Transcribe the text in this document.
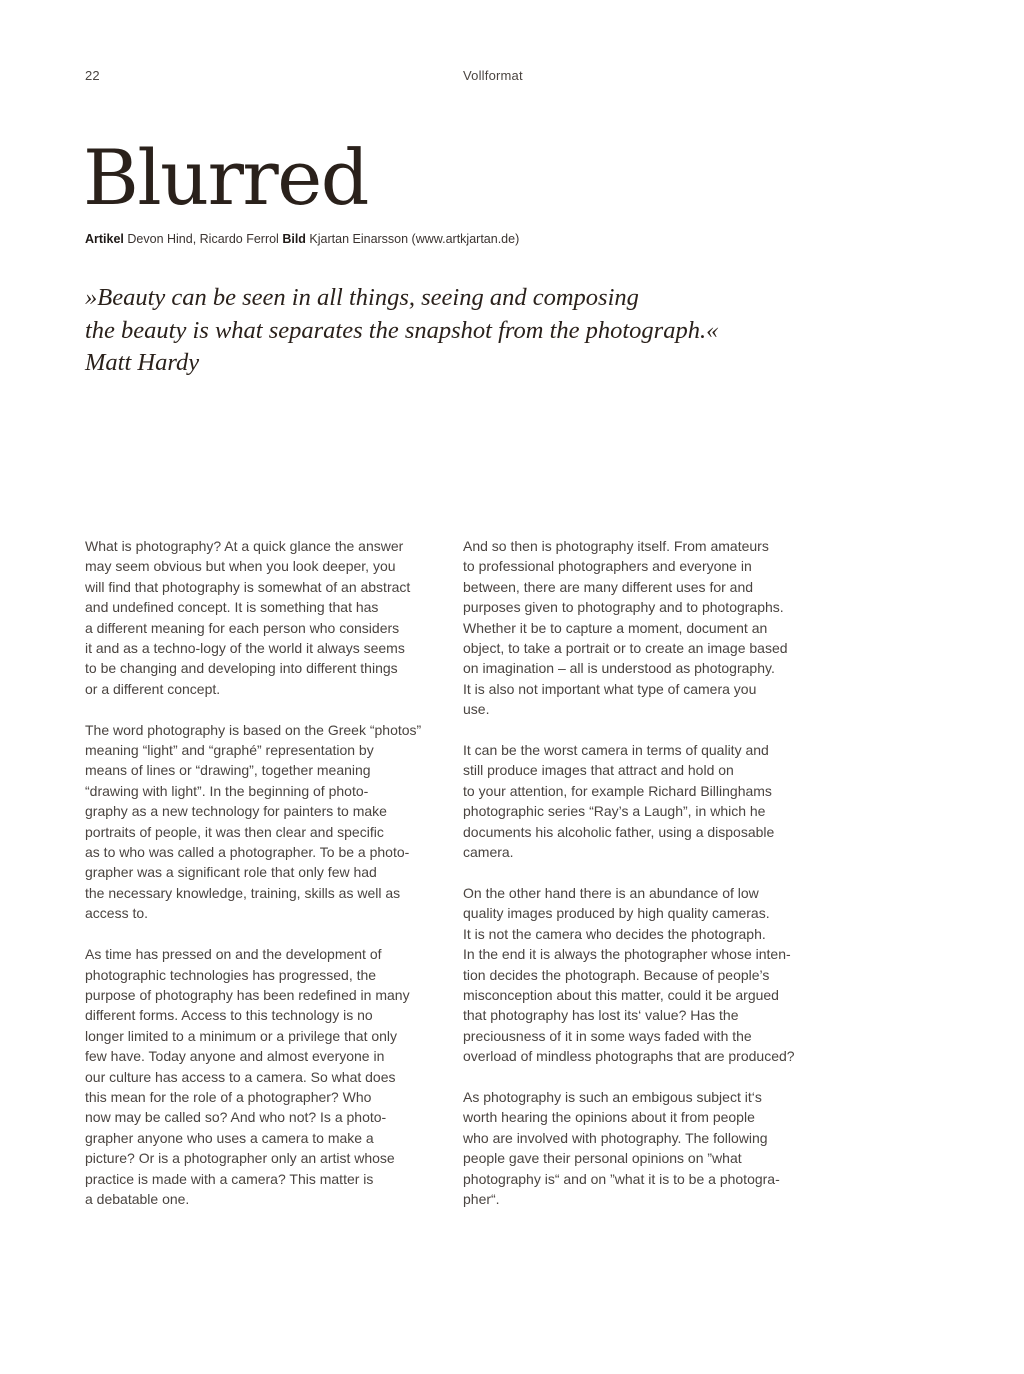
22	Vollformat
Blurred
Artikel Devon Hind, Ricardo Ferrol Bild Kjartan Einarsson (www.artkjartan.de)
»Beauty can be seen in all things, seeing and composing
the beauty is what separates the snapshot from the photograph.«
Matt Hardy

What is photography? At a quick glance the answer
may seem obvious but when you look deeper, you
will find that photography is somewhat of an abstract
and undefined concept. It is something that has
a different meaning for each person who considers
it and as a techno-logy of the world it always seems
to be changing and developing into different things
or a different concept.

The word photography is based on the Greek “photos”
meaning “light” and “graphé” representation by
means of lines or “drawing”, together meaning
“drawing with light”. In the beginning of photo-
graphy as a new technology for painters to make
portraits of people, it was then clear and specific
as to who was called a photographer. To be a photo-
grapher was a significant role that only few had
the necessary knowledge, training, skills as well as
access to.

As time has pressed on and the development of
photographic technologies has progressed, the
purpose of photography has been redefined in many
different forms. Access to this technology is no
longer limited to a minimum or a privilege that only
few have. Today anyone and almost everyone in
our culture has access to a camera. So what does
this mean for the role of a photographer? Who
now may be called so? And who not? Is a photo-
grapher anyone who uses a camera to make a
picture? Or is a photographer only an artist whose
practice is made with a camera? This matter is
a debatable one.

And so then is photography itself. From amateurs
to professional photographers and everyone in
between, there are many different uses for and
purposes given to photography and to photographs.
Whether it be to capture a moment, document an
object, to take a portrait or to create an image based
on imagination – all is understood as photography.
It is also not important what type of camera you
use.

It can be the worst camera in terms of quality and
still produce images that attract and hold on
to your attention, for example Richard Billinghams
photographic series “Ray’s a Laugh”, in which he
documents his alcoholic father, using a disposable
camera.

On the other hand there is an abundance of low
quality images produced by high quality cameras.
It is not the camera who decides the photograph.
In the end it is always the photographer whose inten-
tion decides the photograph. Because of people’s
misconception about this matter, could it be argued
that photography has lost its‘ value? Has the
preciousness of it in some ways faded with the
overload of mindless photographs that are produced?

As photography is such an embigous subject it‘s
worth hearing the opinions about it from people
who are involved with photography. The following
people gave their personal opinions on ”what
photography is“ and on ”what it is to be a photogra-
pher“.
